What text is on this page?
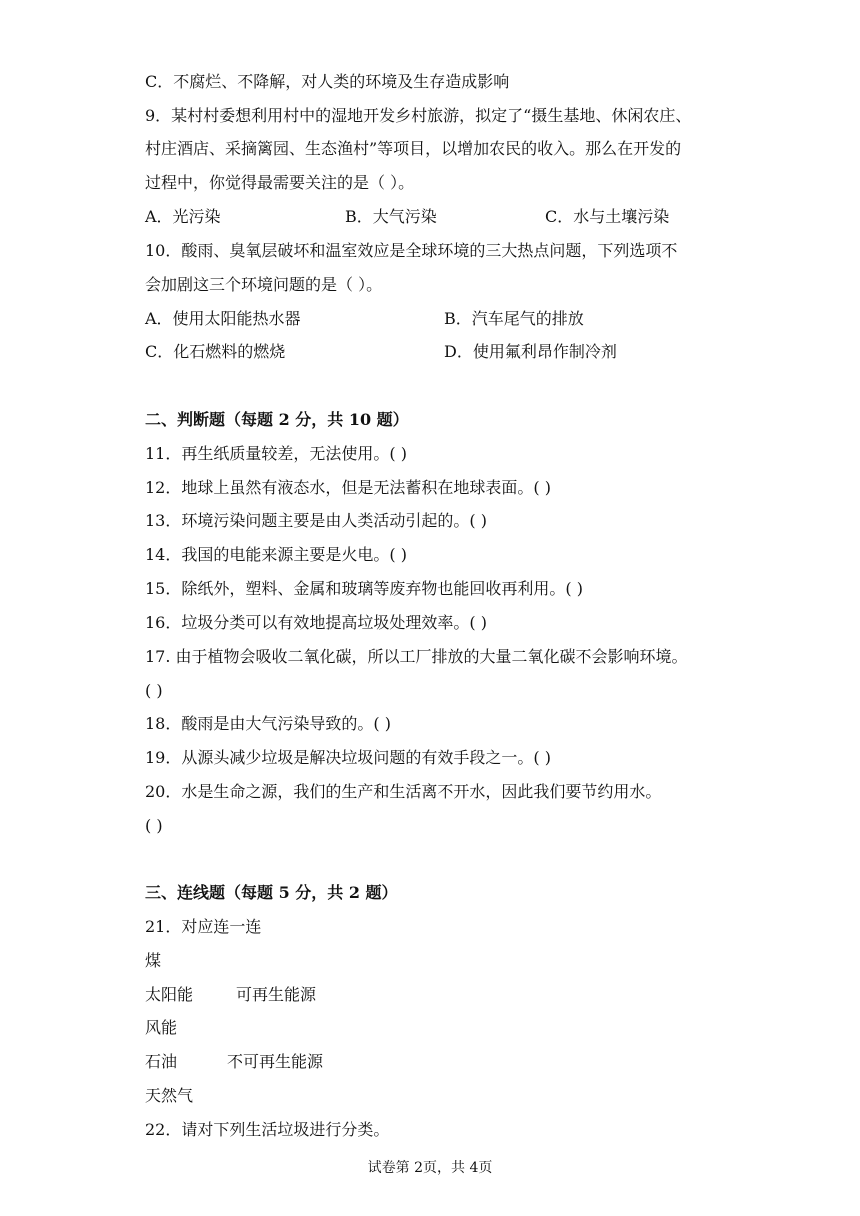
C．不腐烂、不降解，对人类的环境及生存造成影响
9．某村村委想利用村中的湿地开发乡村旅游，拟定了“摄生基地、休闲农庄、
村庄酒店、采摘篱园、生态渔村”等项目，以增加农民的收入。那么在开发的
过程中，你觉得最需要关注的是（ ）。
A．光污染	B．大气污染	C．水与土壤污染
10．酸雨、臭氧层破坏和温室效应是全球环境的三大热点问题，下列选项不
会加剧这三个环境问题的是（ ）。
A．使用太阳能热水器	B．汽车尾气的排放
C．化石燃料的燃烧	D．使用氟利昂作制冷剂
二、判断题（每题 2 分，共 10 题）
11．再生纸质量较差，无法使用。( )
12．地球上虽然有液态水，但是无法蓄积在地球表面。( )
13．环境污染问题主要是由人类活动引起的。( )
14．我国的电能来源主要是火电。( )
15．除纸外，塑料、金属和玻璃等废弃物也能回收再利用。( )
16．垃圾分类可以有效地提高垃圾处理效率。( )
17. 由于植物会吸收二氧化碳，所以工厂排放的大量二氧化碳不会影响环境。
( )
18．酸雨是由大气污染导致的。( )
19．从源头减少垃圾是解决垃圾问题的有效手段之一。( )
20．水是生命之源，我们的生产和生活离不开水，因此我们要节约用水。
( )
三、连线题（每题 5 分，共 2 题）
21．对应连一连
煤
太阳能	可再生能源
风能
石油	不可再生能源
天然气
22．请对下列生活垃圾进行分类。
试卷第 2页，共 4页
